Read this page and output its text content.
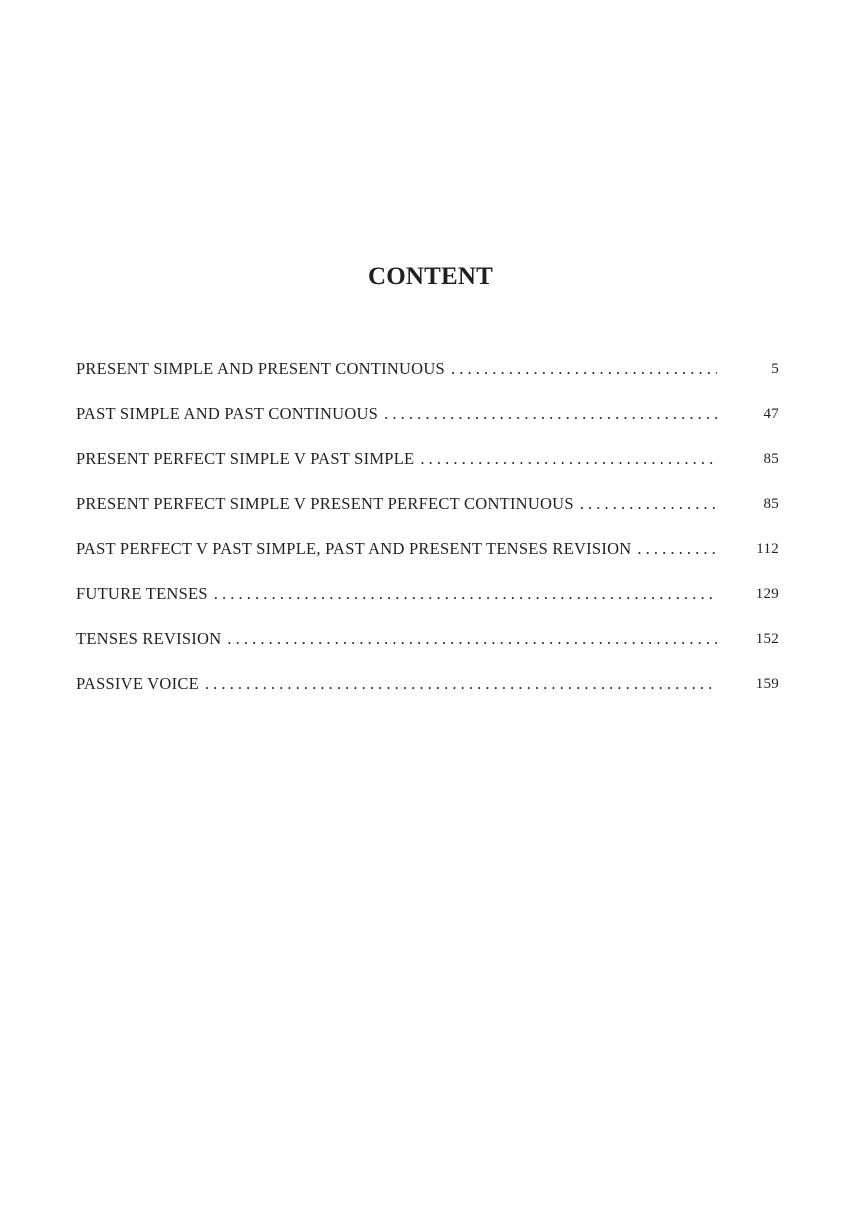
CONTENT
PRESENT SIMPLE AND PRESENT CONTINUOUS . . .	5
PAST SIMPLE AND PAST CONTINUOUS . . .	47
PRESENT PERFECT SIMPLE V PAST SIMPLE . . .	85
PRESENT PERFECT SIMPLE V PRESENT PERFECT CONTINUOUS . . .	85
PAST PERFECT V PAST SIMPLE, PAST AND PRESENT TENSES REVISION . . .	112
FUTURE TENSES . . .	129
TENSES REVISION . . .	152
PASSIVE VOICE . . .	159
